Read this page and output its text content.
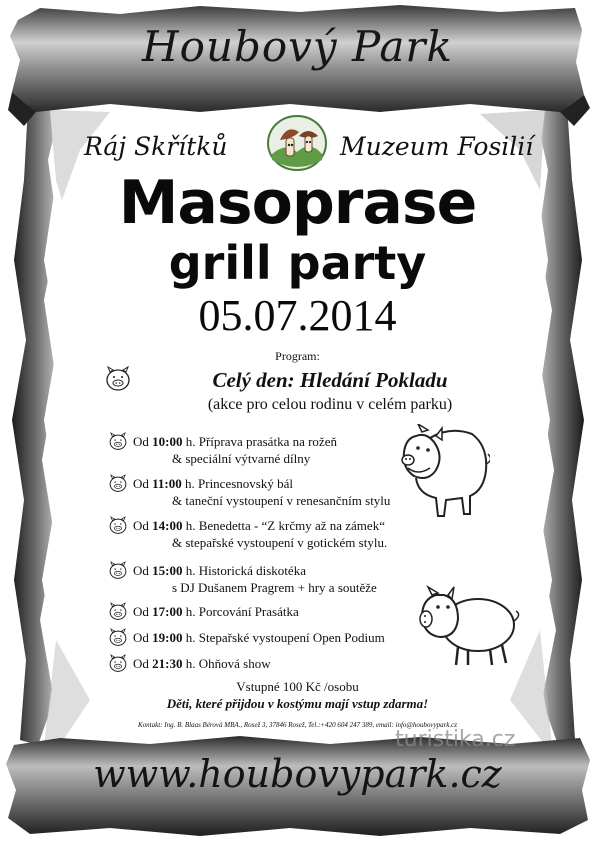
Houbový Park
Ráj Skřítků	Muzeum Fosilií
Masoprase
grill party
05.07.2014
Program:
Celý den: Hledání Pokladu
(akce pro celou rodinu v celém parku)
Od 10:00 h. Příprava prasátka na rožeň
& speciální výtvarné dílny
Od 11:00 h. Princesnovský bál
& taneční vystoupení v renesančním stylu
Od 14:00 h. Benedetta - “Z krčmy až na zámek“
& stepařské vystoupení v gotickém stylu.
Od 15:00 h. Historická diskotéka
s DJ Dušanem Pragrem + hry a soutěže
Od 17:00 h. Porcování Prasátka
Od 19:00 h. Stepařské vystoupení Open Podium
Od 21:30 h. Ohňová show
Vstupné 100 Kč /osobu
Děti, které přijdou v kostýmu mají vstup zdarma!
Kontakt: Ing. B. Blaas Bérová MBA., Rosež 3, 37846 Rosež, Tel.:+420 604 247 389, email: info@houbovypark.cz
www.houbovypark.cz
turistika.cz
